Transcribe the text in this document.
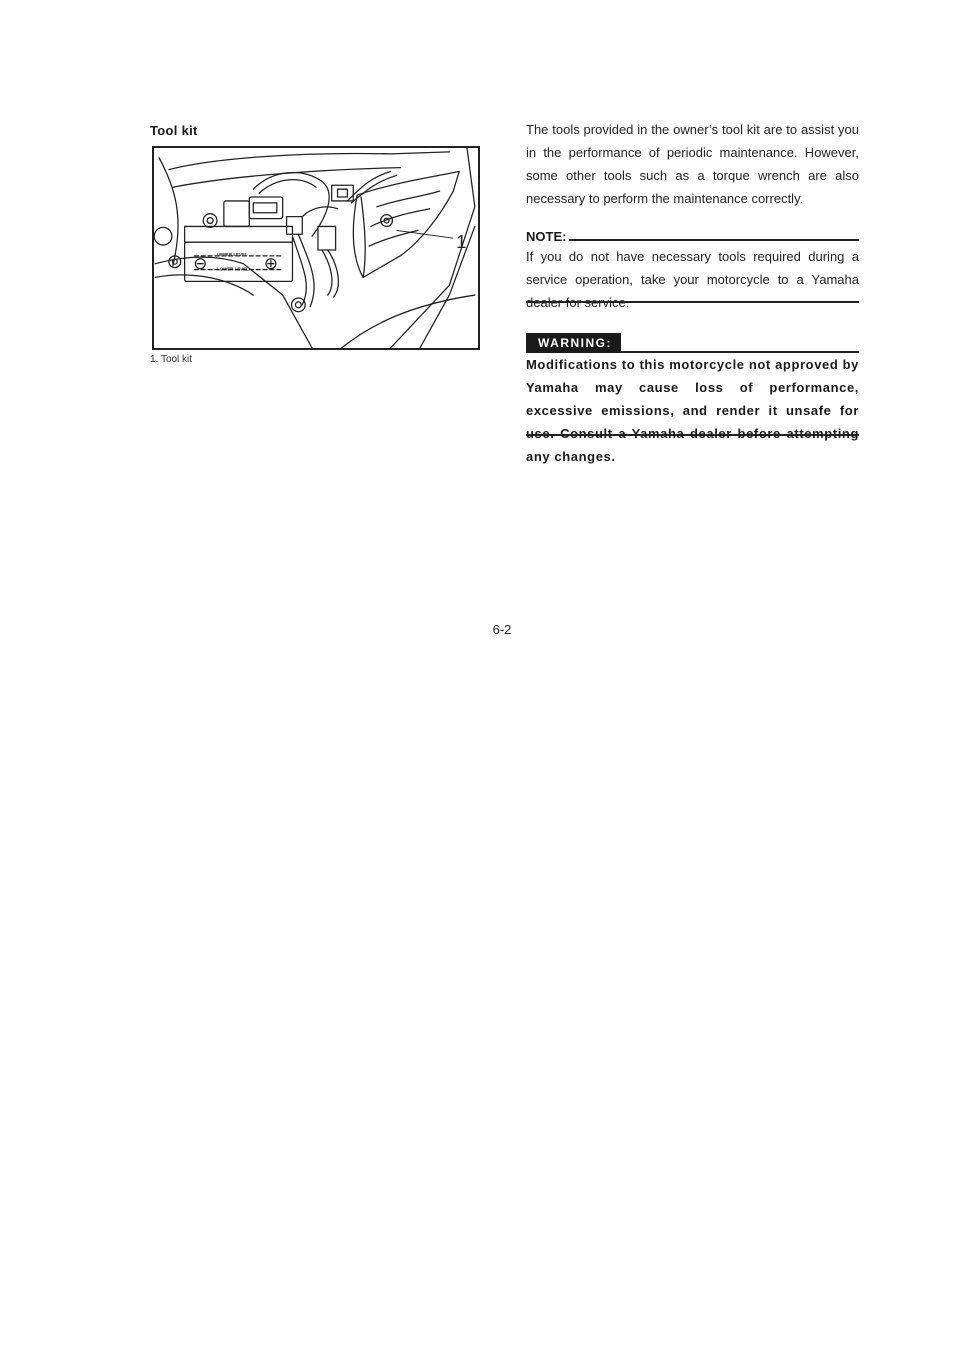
Tool kit
1
UPPER LEVEL
LOWER LEVEL
1. Tool kit

The tools provided in the owner’s tool kit are to assist you in the performance of periodic maintenance. However, some other tools such as a torque wrench are also necessary to perform the maintenance correctly.

NOTE:

If you do not have necessary tools required during a service operation, take your motorcycle to a Yamaha

WARNING:

Modifications to this motorcycle not approved by Yamaha may cause loss of performance, excessive emissions, and render it unsafe for any changes.

6-2
